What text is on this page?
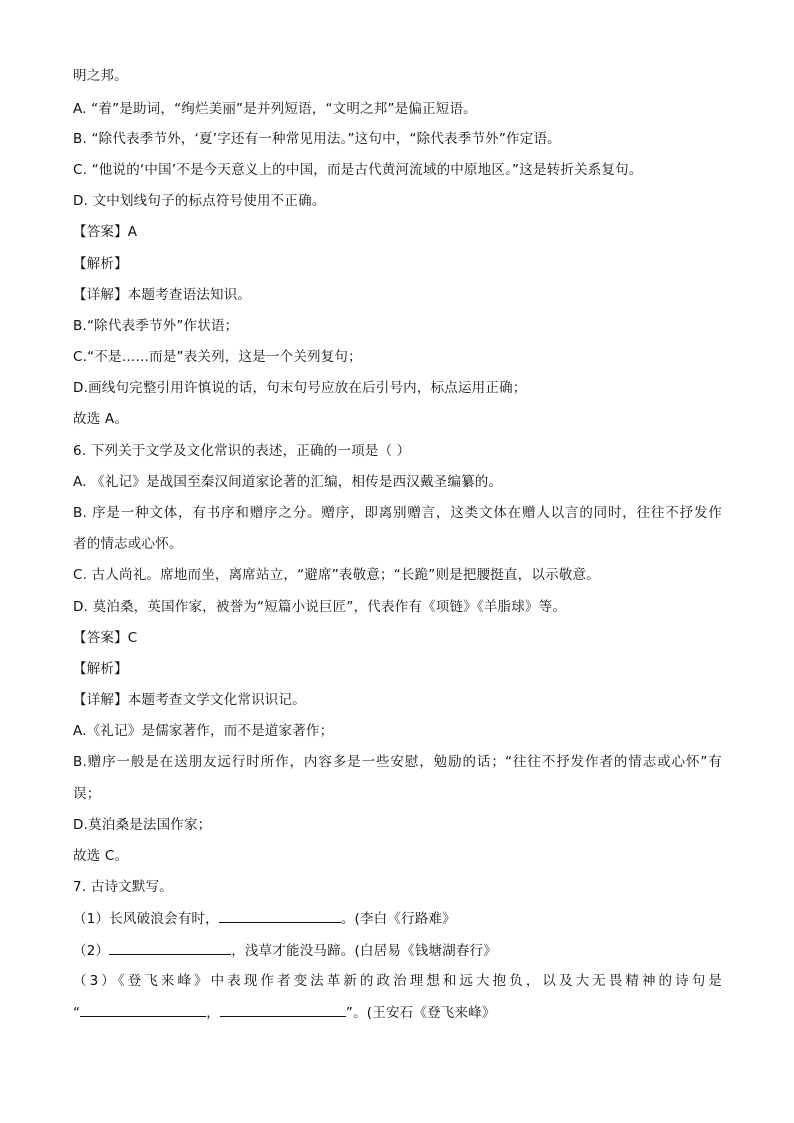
明之邦。
A. “着”是助词，“绚烂美丽”是并列短语，“文明之邦”是偏正短语。
B. “除代表季节外，‘夏’字还有一种常见用法。”这句中，“除代表季节外”作定语。
C. “他说的‘中国’不是今天意义上的中国，而是古代黄河流域的中原地区。”这是转折关系复句。
D. 文中划线句子的标点符号使用不正确。
【答案】A
【解析】
【详解】本题考查语法知识。
B.“除代表季节外”作状语；
C.“不是……而是”表关列，这是一个关列复句；
D.画线句完整引用许慎说的话，句末句号应放在后引号内，标点运用正确；
故选 A。
6. 下列关于文学及文化常识的表述，正确的一项是（ ）
A. 《礼记》是战国至秦汉间道家论著的汇编，相传是西汉戴圣编纂的。
B. 序是一种文体，有书序和赠序之分。赠序，即离别赠言，这类文体在赠人以言的同时，往往不抒发作
者的情志或心怀。
C. 古人尚礼。席地而坐，离席站立，“避席”表敬意；“长跪”则是把腰挺直，以示敬意。
D. 莫泊桑，英国作家，被誉为“短篇小说巨匠”，代表作有《项链》《羊脂球》等。
【答案】C
【解析】
【详解】本题考查文学文化常识识记。
A.《礼记》是儒家著作，而不是道家著作；
B.赠序一般是在送朋友远行时所作，内容多是一些安慰，勉励的话；“往往不抒发作者的情志或心怀”有
误；
D.莫泊桑是法国作家；
故选 C。
7. 古诗文默写。
（1）长风破浪会有时，	。(李白《行路难》
（2）	，浅草才能没马蹄。(白居易《钱塘湖春行》
（3）《登飞来峰》中表现作者变法革新的政治理想和远大抱负，以及大无畏精神的诗句是
“	，	”。(王安石《登飞来峰》
